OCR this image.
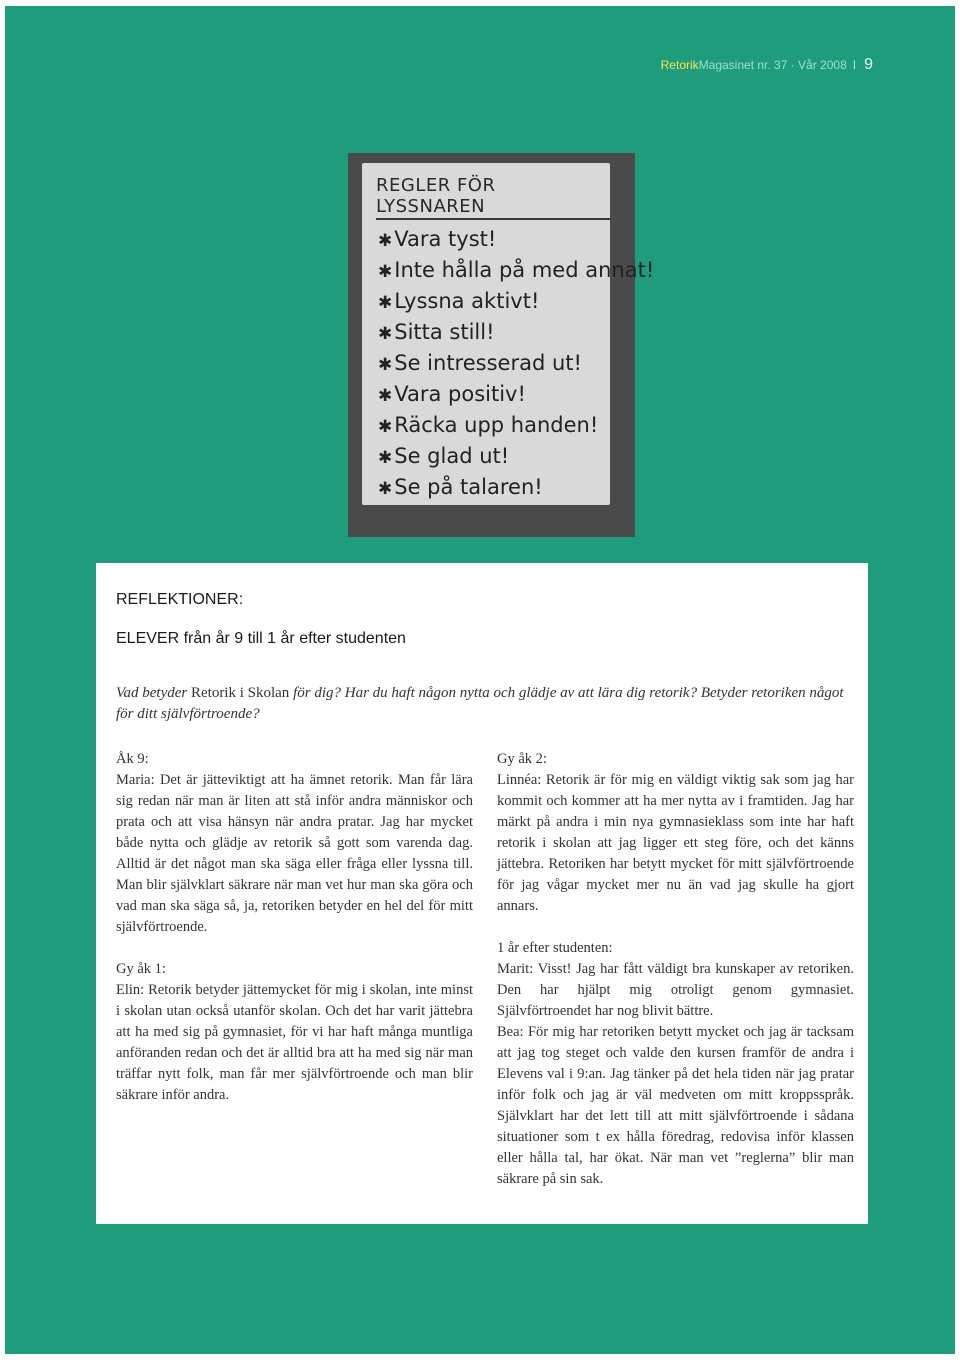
RetorikMagasinet nr. 37 · Vår 2008 I 9
REGLER FÖR LYSSNAREN
✱Vara tyst!
✱Inte hålla på med annat!
✱Lyssna aktivt!
✱Sitta still!
✱Se intresserad ut!
✱Vara positiv!
✱Räcka upp handen!
✱Se glad ut!
✱Se på talaren!
REFLEKTIONER:
ELEVER från år 9 till 1 år efter studenten
Vad betyder Retorik i Skolan för dig? Har du haft någon nytta och glädje av att lära dig retorik? Betyder retoriken något för ditt självförtroende?

Åk 9:

Maria: Det är jätteviktigt att ha ämnet retorik. Man får lära sig redan när man är liten att stå inför andra människor och prata och att visa hänsyn när andra pratar. Jag har mycket både nytta och glädje av retorik så gott som varenda dag. Alltid är det något man ska säga eller fråga eller lyssna till. Man blir självklart säkrare när man vet hur man ska göra och vad man ska säga så, ja, retoriken betyder en hel del för mitt självförtroende.

Gy åk 1:

Elin: Retorik betyder jättemycket för mig i skolan, inte minst i skolan utan också utanför skolan. Och det har varit jättebra att ha med sig på gymnasiet, för vi har haft många muntliga anföranden redan och det är alltid bra att ha med sig när man träffar nytt folk, man får mer självförtroende och man blir säkrare inför andra.

Gy åk 2:

Linnéa: Retorik är för mig en väldigt viktig sak som jag har kommit och kommer att ha mer nytta av i framtiden. Jag har märkt på andra i min nya gymnasieklass som inte har haft retorik i skolan att jag ligger ett steg före, och det känns jättebra. Retoriken har betytt mycket för mitt självförtroende för jag vågar mycket mer nu än vad jag skulle ha gjort annars.

1 år efter studenten:

Marit: Visst! Jag har fått väldigt bra kunskaper av retoriken. Den har hjälpt mig otroligt genom gymnasiet. Självförtroendet har nog blivit bättre.

Bea: För mig har retoriken betytt mycket och jag är tacksam att jag tog steget och valde den kursen framför de andra i Elevens val i 9:an. Jag tänker på det hela tiden när jag pratar inför folk och jag är väl medveten om mitt kroppsspråk. Självklart har det lett till att mitt självförtroende i sådana situationer som t ex hålla föredrag, redovisa inför klassen eller hålla tal, har ökat. När man vet ”reglerna” blir man säkrare på sin sak.
